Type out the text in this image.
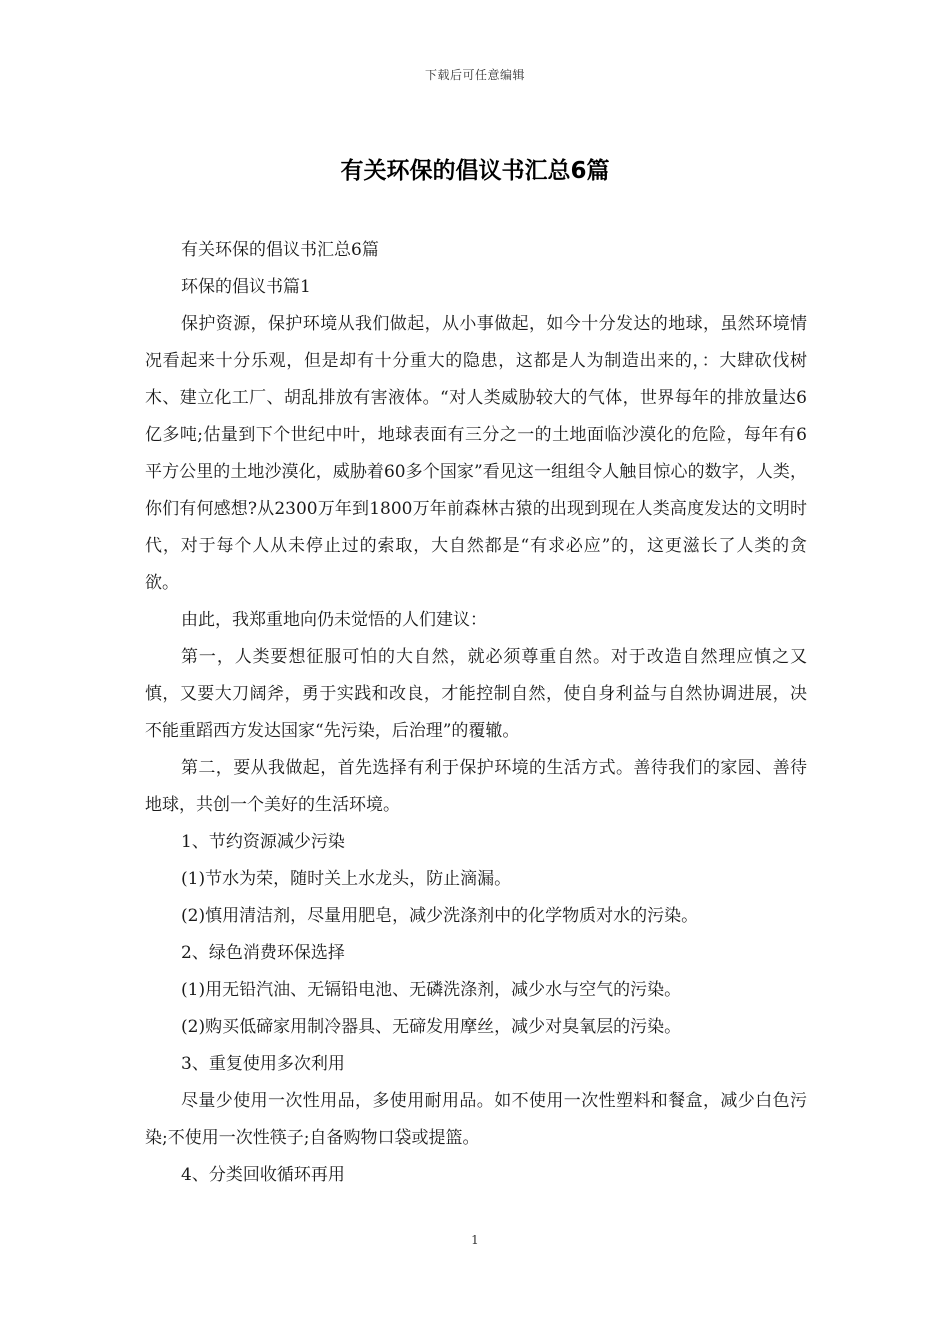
下载后可任意编辑
有关环保的倡议书汇总6篇

有关环保的倡议书汇总6篇

环保的倡议书篇1

保护资源，保护环境从我们做起，从小事做起，如今十分发达的地球，虽然环境情况看起来十分乐观，但是却有十分重大的隐患，这都是人为制造出来的，：大肆砍伐树木、建立化工厂、胡乱排放有害液体。“对人类威胁较大的气体，世界每年的排放量达6亿多吨;估量到下个世纪中叶，地球表面有三分之一的土地面临沙漠化的危险，每年有6平方公里的土地沙漠化，威胁着60多个国家”看见这一组组令人触目惊心的数字，人类，你们有何感想?从2300万年到1800万年前森林古猿的出现到现在人类高度发达的文明时代，对于每个人从未停止过的索取，大自然都是“有求必应”的，这更滋长了人类的贪欲。

由此，我郑重地向仍未觉悟的人们建议：

第一，人类要想征服可怕的大自然，就必须尊重自然。对于改造自然理应慎之又慎，又要大刀阔斧，勇于实践和改良，才能控制自然，使自身利益与自然协调进展，决不能重蹈西方发达国家“先污染，后治理”的覆辙。

第二，要从我做起，首先选择有利于保护环境的生活方式。善待我们的家园、善待地球，共创一个美好的生活环境。

1、节约资源减少污染

(1)节水为荣，随时关上水龙头，防止滴漏。

(2)慎用清洁剂，尽量用肥皂，减少洗涤剂中的化学物质对水的污染。

2、绿色消费环保选择

(1)用无铅汽油、无镉铅电池、无磷洗涤剂，减少水与空气的污染。

(2)购买低碲家用制冷器具、无碲发用摩丝，减少对臭氧层的污染。

3、重复使用多次利用

尽量少使用一次性用品，多使用耐用品。如不使用一次性塑料和餐盒，减少白色污染;不使用一次性筷子;自备购物口袋或提篮。

4、分类回收循环再用

1
